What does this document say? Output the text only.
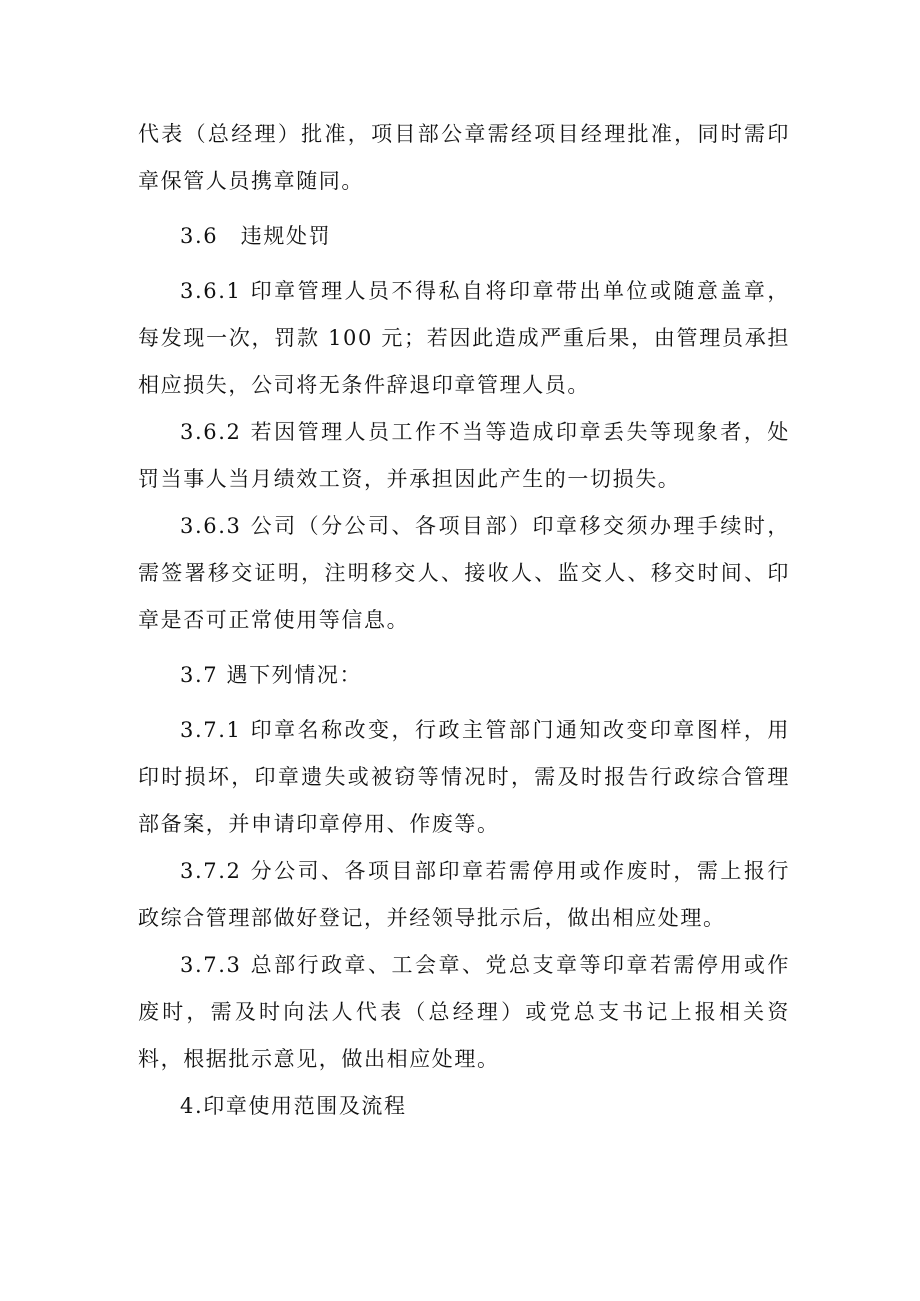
代表（总经理）批准，项目部公章需经项目经理批准，同时需印章保管人员携章随同。

3.6　违规处罚

3.6.1 印章管理人员不得私自将印章带出单位或随意盖章，每发现一次，罚款 100 元；若因此造成严重后果，由管理员承担相应损失，公司将无条件辞退印章管理人员。

3.6.2 若因管理人员工作不当等造成印章丢失等现象者，处罚当事人当月绩效工资，并承担因此产生的一切损失。

3.6.3 公司（分公司、各项目部）印章移交须办理手续时，需签署移交证明，注明移交人、接收人、监交人、移交时间、印章是否可正常使用等信息。

3.7 遇下列情况：

3.7.1 印章名称改变，行政主管部门通知改变印章图样，用印时损坏，印章遗失或被窃等情况时，需及时报告行政综合管理部备案，并申请印章停用、作废等。

3.7.2 分公司、各项目部印章若需停用或作废时，需上报行政综合管理部做好登记，并经领导批示后，做出相应处理。

3.7.3 总部行政章、工会章、党总支章等印章若需停用或作废时，需及时向法人代表（总经理）或党总支书记上报相关资料，根据批示意见，做出相应处理。

4.印章使用范围及流程
